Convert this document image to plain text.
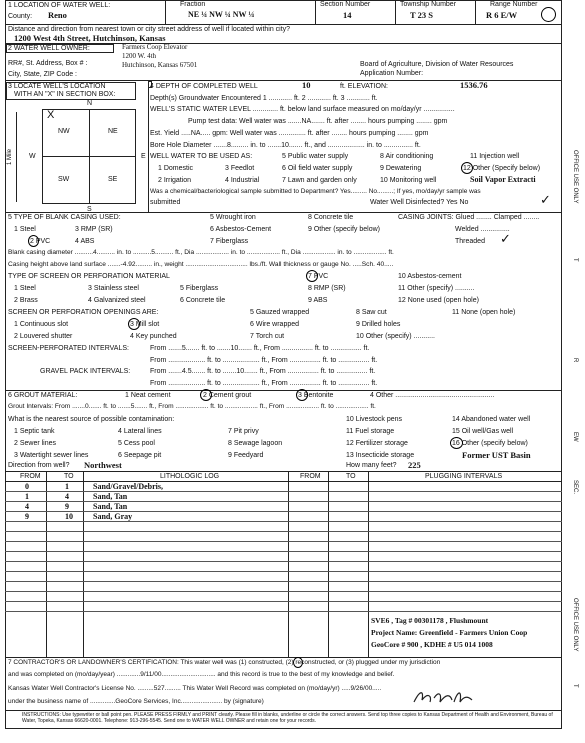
1 LOCATION OF WATER WELL:
County: Reno
Fraction
NE ¼ NW ¼ NW ¼
Section Number
14
Township Number
T 23 S
Range Number
R 6 E/W
Distance and direction from nearest town or city street address of well if located within city?
1200 West 4th Street, Hutchinson, Kansas
2 WATER WELL OWNER:	Farmers Coop Elevator
RR#, St. Address, Box # :
1200 W. 4th
City, State, ZIP Code :
Hutchinson, Kansas 67501	Board of Agriculture, Division of Water Resources
Application Number:
3 LOCATE WELL'S LOCATION
WITH AN "X" IN SECTION BOX:
N
S
W	E
NW	NE
SW	SE
X
1 Mile
4 DEPTH OF COMPLETED WELL	10	ft. ELEVATION:	1536.76
Depth(s) Groundwater Encountered 1 ............ ft. 2 ............ ft. 3 ............ ft.
WELL'S STATIC WATER LEVEL ............. ft. below land surface measured on mo/day/yr ................
Pump test data: Well water was .......NA....... ft. after ........ hours pumping ........ gpm
Est. Yield .....NA..... gpm: Well water was .............. ft. after ........ hours pumping ........ gpm
Bore Hole Diameter .......8......... in. to .......10....... ft., and ................... in. to ............... ft.
WELL WATER TO BE USED AS:	5 Public water supply	8 Air conditioning	11 Injection well
1 Domestic	3 Feedlot	6 Oil field water supply	9 Dewatering	12 Other (Specify below)
2 Irrigation	4 Industrial	7 Lawn and garden only	10 Monitoring well	Soil Vapor Extracti
Was a chemical/bacteriological sample submitted to Department? Yes......... No.........; If yes, mo/day/yr sample was
submitted	Water Well Disinfected? Yes No	✓
5 TYPE OF BLANK CASING USED:
1 Steel	3 RMP (SR)
2 PVC	4 ABS
5 Wrought iron
6 Asbestos-Cement
7 Fiberglass
8 Concrete tile
9 Other (specify below)
CASING JOINTS: Glued ........ Clamped ........
Welded ...............
Threaded ✓
Blank casing diameter ..........4.......... in. to ..........5.......... ft., Dia .................. in. to .................. ft., Dia .................. in. to .................. ft.
Casing height above land surface .......-4.92......... in., weight .................................. lbs./ft. Wall thickness or gauge No. .....Sch. 40.....
TYPE OF SCREEN OR PERFORATION MATERIAL
1 Steel	3 Stainless steel	5 Fiberglass
7 PVC	10 Asbestos-cement
2 Brass	4 Galvanized steel	6 Concrete tile
8 RMP (SR)	11 Other (specify) ..........
9 ABS	12 None used (open hole)
SCREEN OR PERFORATION OPENINGS ARE:
1 Continuous slot
2 Louvered shutter
3 Mill slot
4 Key punched
5 Gauzed wrapped
6 Wire wrapped
7 Torch cut
8 Saw cut
9 Drilled holes
10 Other (specify) ...........
11 None (open hole)
SCREEN-PERFORATED INTERVALS:	From .......5....... ft. to .......10....... ft., From ................ ft. to ................ ft.
From ................... ft. to ................... ft., From ................ ft. to ................ ft.
GRAVEL PACK INTERVALS:	From .......4.5....... ft. to .......10....... ft., From ................ ft. to ................ ft.
From ................... ft. to ................... ft., From ................ ft. to ................ ft.
6 GROUT MATERIAL:	1 Neat cement	2 Cement grout	3 Bentonite	4 Other ...................................................
Grout Intervals: From .......0....... ft. to .......5....... ft., From .................. ft. to .................. ft., From .................. ft. to .................. ft.
What is the nearest source of possible contamination:
1 Septic tank	4 Lateral lines	7 Pit privy
10 Livestock pens	14 Abandoned water well
2 Sewer lines	5 Cess pool	8 Sewage lagoon
11 Fuel storage	15 Oil well/Gas well
3 Watertight sewer lines	6 Seepage pit	9 Feedyard
12 Fertilizer storage	16 Other (specify below)
13 Insecticide storage	Former UST Basin
Direction from well? Northwest	How many feet? 225
FROM	TO	LITHOLOGIC LOG	FROM	TO	PLUGGING INTERVALS
0	1	Sand/Gravel/Debris,
1	4	Sand, Tan
4	9	Sand, Tan
9	10	Sand, Gray
SVE6 , Tag # 00301178 , Flushmount
Project Name: Greenfield - Farmers Union Coop
GeoCore # 900 , KDHE # U5 014 1008
7 CONTRACTOR'S OR LANDOWNER'S CERTIFICATION: This water well was (1) constructed, (2) reconstructed, or (3) plugged under my jurisdiction
and was completed on (mo/day/year) .............9/11/00.............................. and this record is true to the best of my knowledge and belief.
Kansas Water Well Contractor's License No. .........527......... This Water Well Record was completed on (mo/day/yr) .....9/26/00.....
under the business name of ..............GeoCore Services, Inc....................... by (signature)
INSTRUCTIONS: Use typewriter or ball point pen. PLEASE PRESS FIRMLY and PRINT clearly. Please fill in blanks, underline or circle the correct answers. Send top three copies to Kansas Department of Health and Environment, Bureau of Water, Topeka, Kansas 66620-0001. Telephone: 913-296-5545. Send one to WATER WELL OWNER and retain one for your records.
OFFICE USE ONLY
T
R
EW
SEC.
OFFICE USE ONLY
T
